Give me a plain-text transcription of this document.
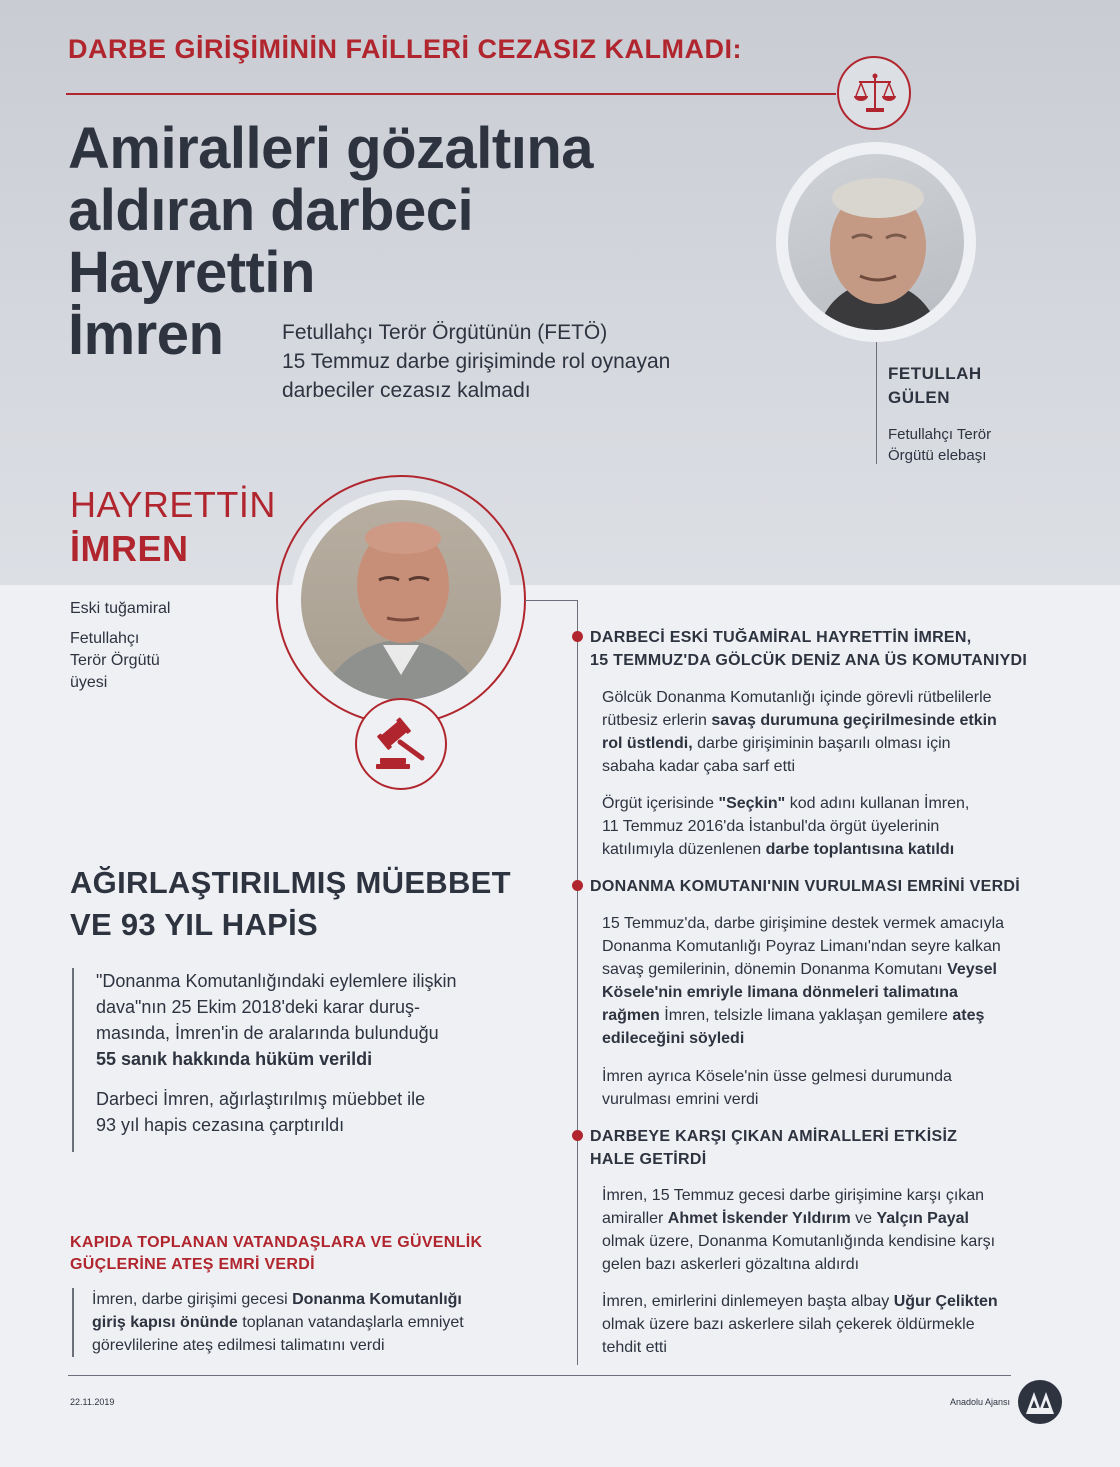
DARBE GİRİŞİMİNİN FAİLLERİ CEZASIZ KALMADI:
Amiralleri gözaltına
aldıran darbeci
Hayrettin
İmren	Fetullahçı Terör Örgütünün (FETÖ)
15 Temmuz darbe girişiminde rol oynayan
darbeciler cezasız kalmadı
FETULLAH
GÜLEN
Fetullahçı Terör
Örgütü elebaşı
HAYRETTİN
İMREN
Eski tuğamiral
Fetullahçı
Terör Örgütü
üyesi
AĞIRLAŞTIRILMIŞ MÜEBBET
VE 93 YIL HAPİS

"Donanma Komutanlığındaki eylemlere ilişkin
dava"nın 25 Ekim 2018'deki karar duruş-
masında, İmren'in de aralarında bulunduğu
55 sanık hakkında hüküm verildi

Darbeci İmren, ağırlaştırılmış müebbet ile
93 yıl hapis cezasına çarptırıldı

KAPIDA TOPLANAN VATANDAŞLARA VE GÜVENLİK
GÜÇLERİNE ATEŞ EMRİ VERDİ

İmren, darbe girişimi gecesi Donanma Komutanlığı
giriş kapısı önünde toplanan vatandaşlarla emniyet
görevlilerine ateş edilmesi talimatını verdi

DARBECİ ESKİ TUĞAMİRAL HAYRETTİN İMREN,
15 TEMMUZ'DA GÖLCÜK DENİZ ANA ÜS KOMUTANIYDI

Gölcük Donanma Komutanlığı içinde görevli rütbelilerle
rütbesiz erlerin savaş durumuna geçirilmesinde etkin
rol üstlendi, darbe girişiminin başarılı olması için
sabaha kadar çaba sarf etti

Örgüt içerisinde "Seçkin" kod adını kullanan İmren,
11 Temmuz 2016'da İstanbul'da örgüt üyelerinin
katılımıyla düzenlenen darbe toplantısına katıldı

DONANMA KOMUTANI'NIN VURULMASI EMRİNİ VERDİ

15 Temmuz'da, darbe girişimine destek vermek amacıyla
Donanma Komutanlığı Poyraz Limanı'ndan seyre kalkan
savaş gemilerinin, dönemin Donanma Komutanı Veysel
Kösele'nin emriyle limana dönmeleri talimatına
rağmen İmren, telsizle limana yaklaşan gemilere ateş
edileceğini söyledi

İmren ayrıca Kösele'nin üsse gelmesi durumunda
vurulması emrini verdi

DARBEYE KARŞI ÇIKAN AMİRALLERİ ETKİSİZ
HALE GETİRDİ

İmren, 15 Temmuz gecesi darbe girişimine karşı çıkan
amiraller Ahmet İskender Yıldırım ve Yalçın Payal
olmak üzere, Donanma Komutanlığında kendisine karşı
gelen bazı askerleri gözaltına aldırdı

İmren, emirlerini dinlemeyen başta albay Uğur Çelikten
olmak üzere bazı askerlere silah çekerek öldürmekle
tehdit etti

22.11.2019	Anadolu Ajansı
